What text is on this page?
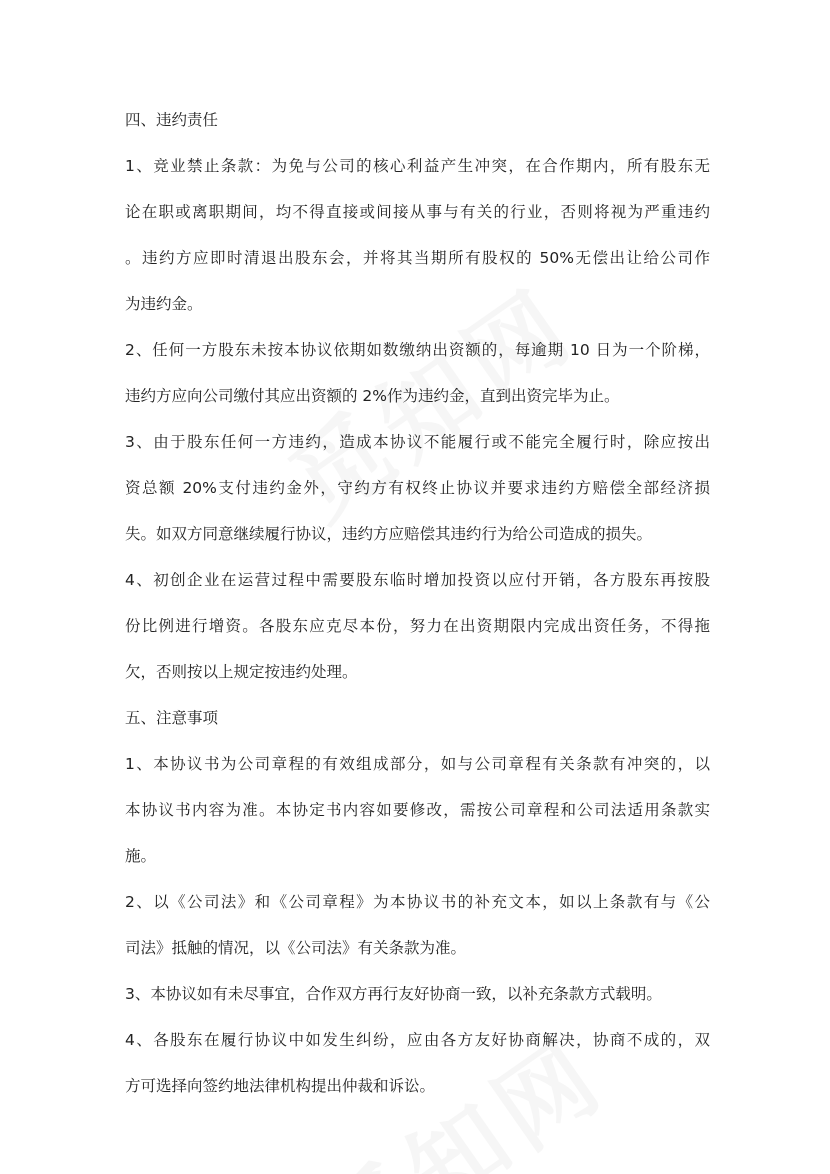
四、违约责任
1、竞业禁止条款：为免与公司的核心利益产生冲突，在合作期内，所有股东无
论在职或离职期间，均不得直接或间接从事与有关的行业，否则将视为严重违约
。违约方应即时清退出股东会，并将其当期所有股权的 50%无偿出让给公司作
为违约金。
2、任何一方股东未按本协议依期如数缴纳出资额的，每逾期 10 日为一个阶梯，
违约方应向公司缴付其应出资额的 2%作为违约金，直到出资完毕为止。
3、由于股东任何一方违约，造成本协议不能履行或不能完全履行时，除应按出
资总额 20%支付违约金外，守约方有权终止协议并要求违约方赔偿全部经济损
失。如双方同意继续履行协议，违约方应赔偿其违约行为给公司造成的损失。
4、初创企业在运营过程中需要股东临时增加投资以应付开销，各方股东再按股
份比例进行增资。各股东应克尽本份，努力在出资期限内完成出资任务，不得拖
欠，否则按以上规定按违约处理。
五、注意事项
1、本协议书为公司章程的有效组成部分，如与公司章程有关条款有冲突的，以
本协议书内容为准。本协定书内容如要修改，需按公司章程和公司法适用条款实
施。
2、以《公司法》和《公司章程》为本协议书的补充文本，如以上条款有与《公
司法》抵触的情况，以《公司法》有关条款为准。
3、本协议如有未尽事宜，合作双方再行友好协商一致，以补充条款方式载明。
4、各股东在履行协议中如发生纠纷，应由各方友好协商解决，协商不成的，双
方可选择向签约地法律机构提出仲裁和诉讼。
